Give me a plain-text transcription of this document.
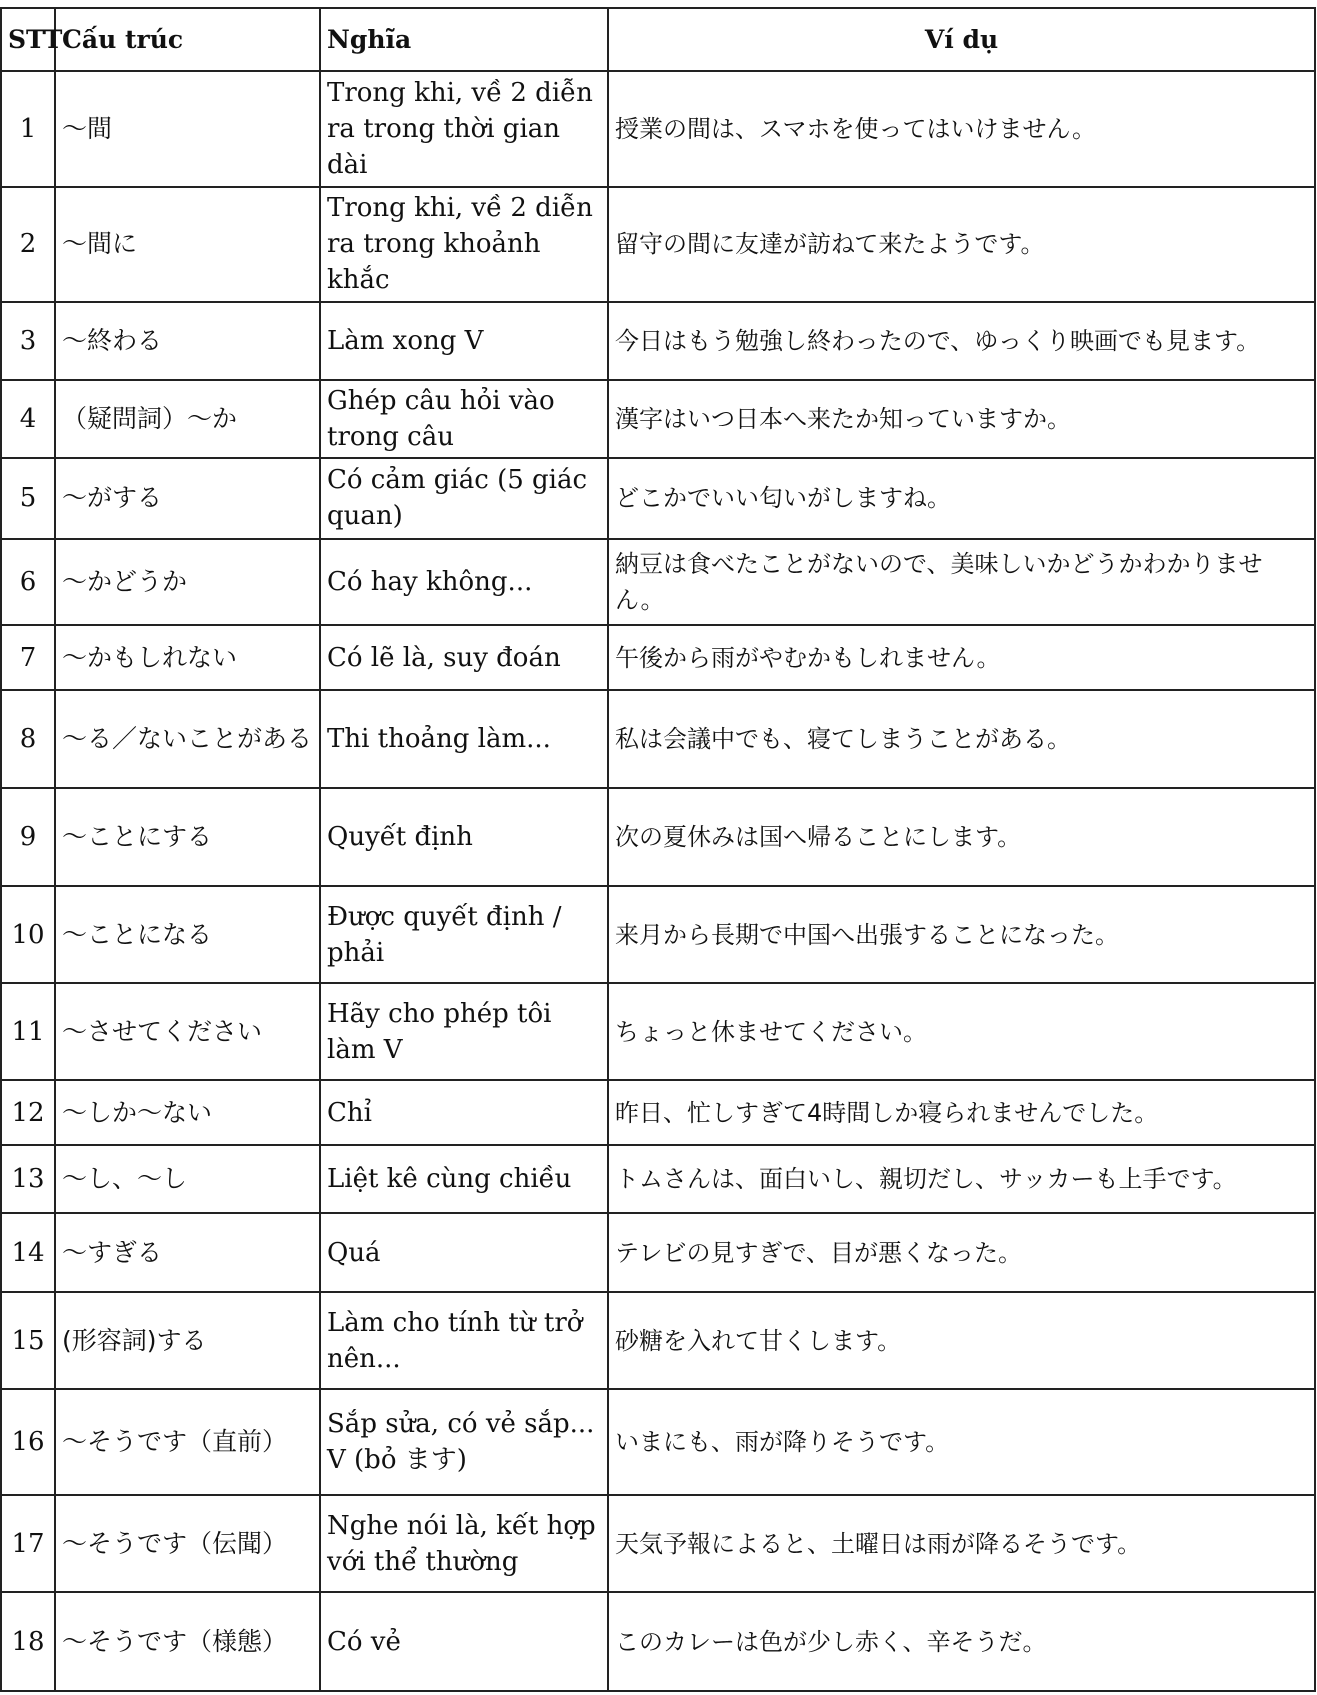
STT	Cấu trúc	Nghĩa	Ví dụ
1	～間	Trong khi, về 2 diễn ra trong thời gian dài	授業の間は、スマホを使ってはいけません。
2	～間に	Trong khi, về 2 diễn ra trong khoảnh khắc	留守の間に友達が訪ねて来たようです。
3	～終わる	Làm xong V	今日はもう勉強し終わったので、ゆっくり映画でも見ます。
4	（疑問詞）～か	Ghép câu hỏi vào trong câu	漢字はいつ日本へ来たか知っていますか。
5	～がする	Có cảm giác (5 giác quan)	どこかでいい匂いがしますね。
6	～かどうか	Có hay không...	納豆は食べたことがないので、美味しいかどうかわかりません。
7	～かもしれない	Có lẽ là, suy đoán	午後から雨がやむかもしれません。
8	～る／ないことがある	Thi thoảng làm...	私は会議中でも、寝てしまうことがある。
9	～ことにする	Quyết định	次の夏休みは国へ帰ることにします。
10	～ことになる	Được quyết định / phải	来月から長期で中国へ出張することになった。
11	～させてください	Hãy cho phép tôi làm V	ちょっと休ませてください。
12	～しか～ない	Chỉ	昨日、忙しすぎて4時間しか寝られませんでした。
13	～し、～し	Liệt kê cùng chiều	トムさんは、面白いし、親切だし、サッカーも上手です。
14	～すぎる	Quá	テレビの見すぎで、目が悪くなった。
15	(形容詞)する	Làm cho tính từ trở nên...	砂糖を入れて甘くします。
16	～そうです（直前）	Sắp sửa, có vẻ sắp... V (bỏ ます)	いまにも、雨が降りそうです。
17	～そうです（伝聞）	Nghe nói là, kết hợp với thể thường	天気予報によると、土曜日は雨が降るそうです。
18	～そうです（様態）	Có vẻ	このカレーは色が少し赤く、辛そうだ。
